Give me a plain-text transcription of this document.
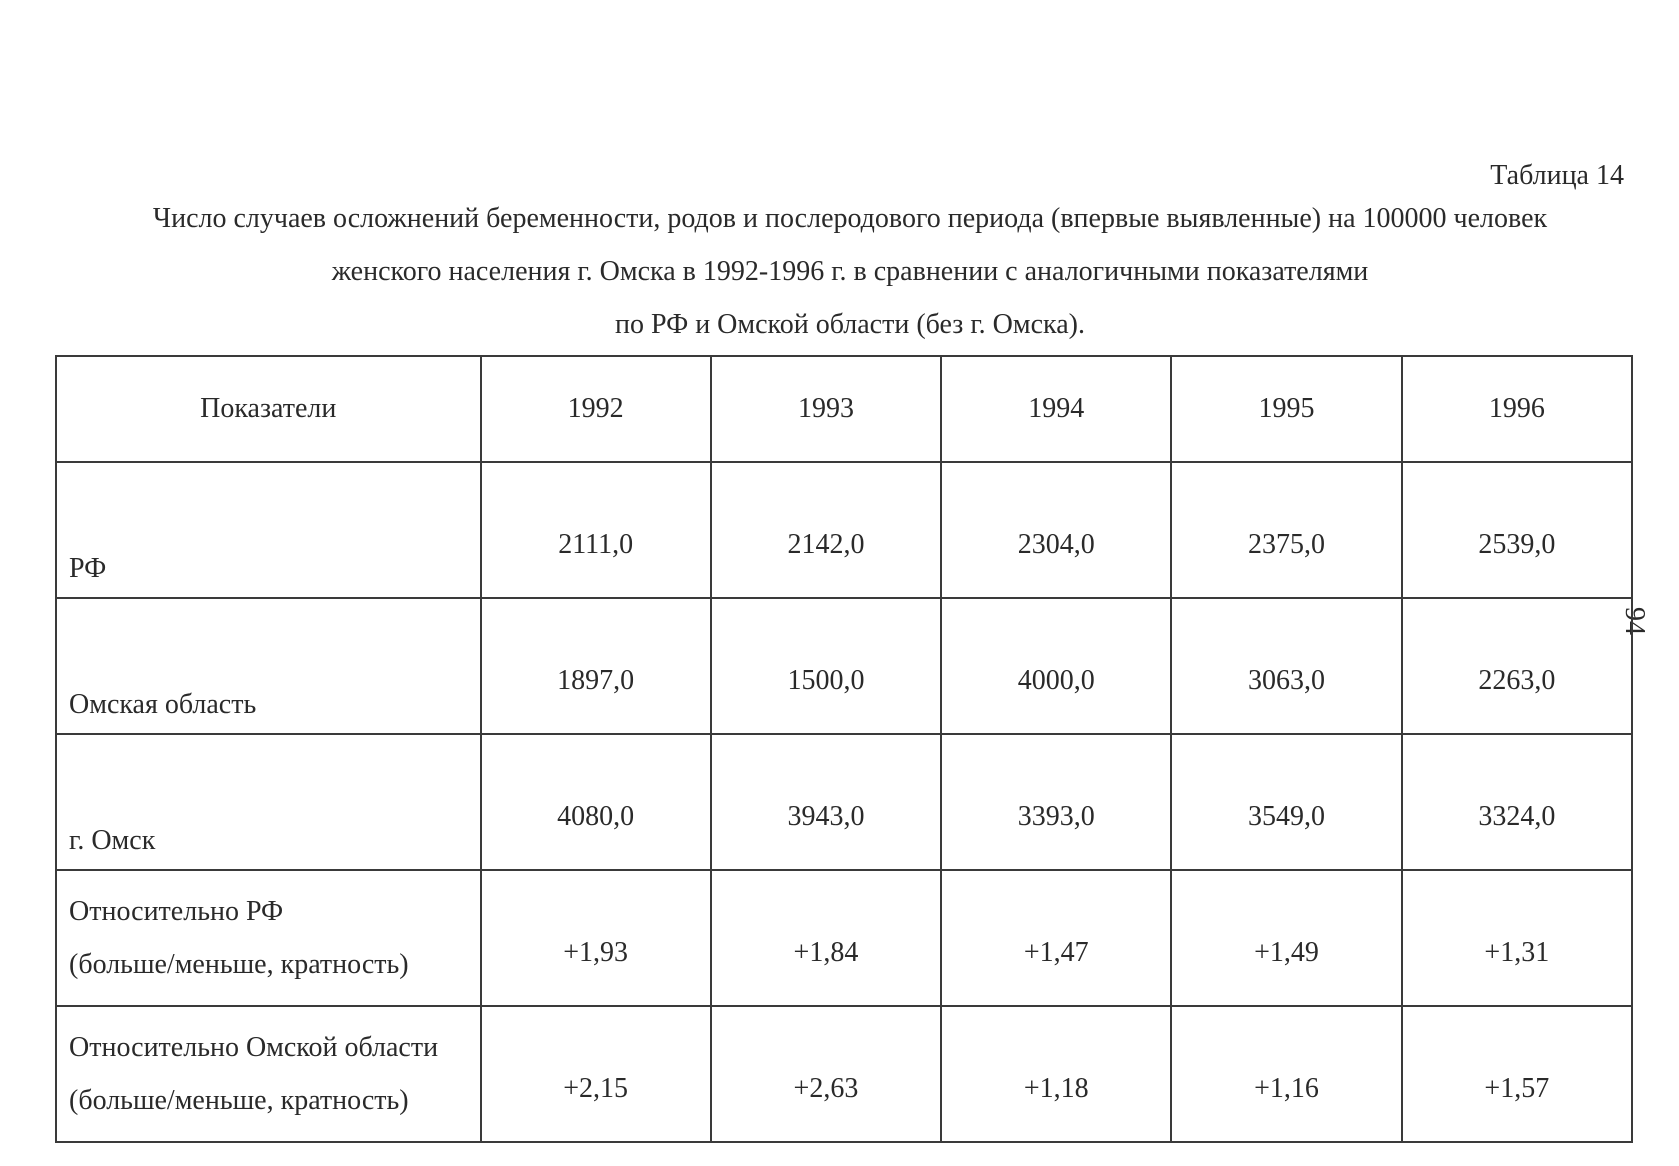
Таблица 14

Число случаев осложнений беременности, родов и послеродового периода (впервые выявленные) на 100000 человек
женского населения г. Омска в 1992-1996 г. в сравнении с аналогичными показателями
по РФ и Омской области (без г. Омска).

94
Показатели	1992	1993	1994	1995	1996
РФ	2111,0	2142,0	2304,0	2375,0	2539,0
Омская область	1897,0	1500,0	4000,0	3063,0	2263,0
г. Омск	4080,0	3943,0	3393,0	3549,0	3324,0

Относительно РФ
(больше/меньше, кратность)	+1,93	+1,84	+1,47	+1,49	+1,31

Относительно Омской области
(больше/меньше, кратность)	+2,15	+2,63	+1,18	+1,16	+1,57
